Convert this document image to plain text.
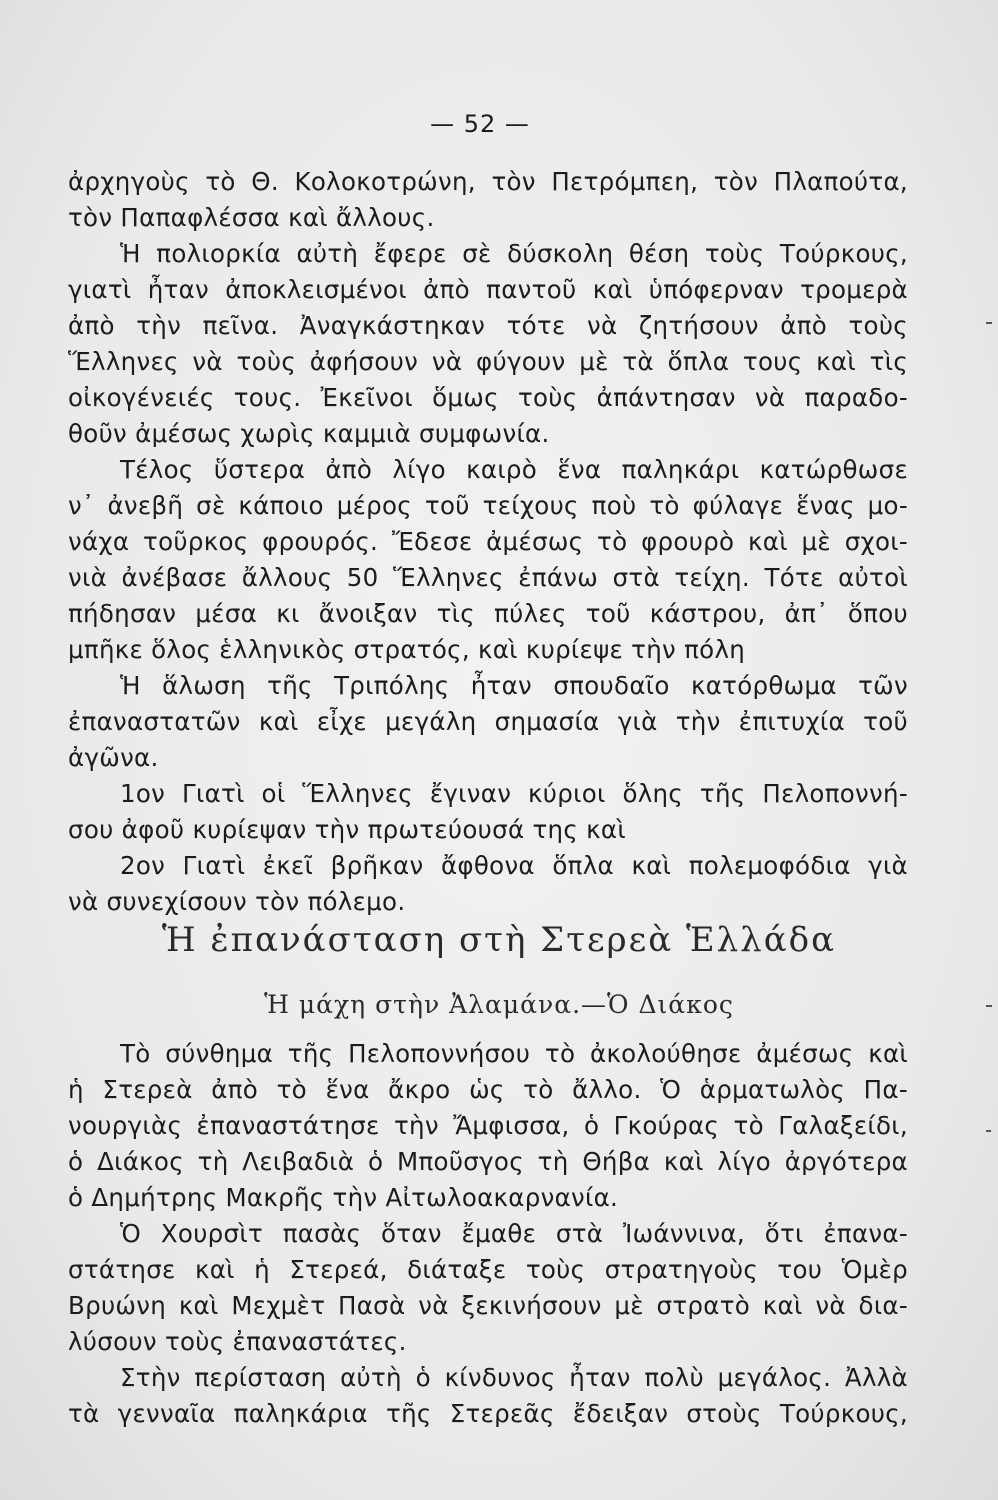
— 52 —
ἀρχηγοὺς τὸ Θ. Κολοκοτρώνη, τὸν Πετρόμπεη, τὸν Πλαπούτα,
τὸν Παπαφλέσσα καὶ ἄλλους.
Ἡ πολιορκία αὐτὴ ἔφερε σὲ δύσκολη θέση τοὺς Τούρκους,
γιατὶ ἦταν ἀποκλεισμένοι ἀπὸ παντοῦ καὶ ὑπόφερναν τρομερὰ
ἀπὸ τὴν πεῖνα. Ἀναγκάστηκαν τότε νὰ ζητήσουν ἀπὸ τοὺς
Ἕλληνες νὰ τοὺς ἀφήσουν νὰ φύγουν μὲ τὰ ὅπλα τους καὶ τὶς
οἰκογένειές τους. Ἐκεῖνοι ὅμως τοὺς ἀπάντησαν νὰ παραδο-
θοῦν ἀμέσως χωρὶς καμμιὰ συμφωνία.
Τέλος ὕστερα ἀπὸ λίγο καιρὸ ἕνα παληκάρι κατώρθωσε
ν᾿ ἀνεβῆ σὲ κάποιο μέρος τοῦ τείχους ποὺ τὸ φύλαγε ἕνας μο-
νάχα τοῦρκος φρουρός. Ἔδεσε ἀμέσως τὸ φρουρὸ καὶ μὲ σχοι-
νιὰ ἀνέβασε ἄλλους 50 Ἕλληνες ἐπάνω στὰ τείχη. Τότε αὐτοὶ
πήδησαν μέσα κι ἄνοιξαν τὶς πύλες τοῦ κάστρου, ἀπ᾿ ὅπου
μπῆκε ὅλος ἑλληνικὸς στρατός, καὶ κυρίεψε τὴν πόλη
Ἡ ἅλωση τῆς Τριπόλης ἦταν σπουδαῖο κατόρθωμα τῶν
ἐπαναστατῶν καὶ εἶχε μεγάλη σημασία γιὰ τὴν ἐπιτυχία τοῦ
ἀγῶνα.
1ον Γιατὶ οἱ Ἕλληνες ἔγιναν κύριοι ὅλης τῆς Πελοποννή-
σου ἀφοῦ κυρίεψαν τὴν πρωτεύουσά της καὶ
2ον Γιατὶ ἐκεῖ βρῆκαν ἄφθονα ὅπλα καὶ πολεμοφόδια γιὰ
νὰ συνεχίσουν τὸν πόλεμο.
Ἡ ἐπανάσταση στὴ Στερεὰ Ἑλλάδα
Ἡ μάχη στὴν Ἀλαμάνα.—Ὁ Διάκος
Τὸ σύνθημα τῆς Πελοποννήσου τὸ ἀκολούθησε ἀμέσως καὶ
ἡ Στερεὰ ἀπὸ τὸ ἕνα ἄκρο ὡς τὸ ἄλλο. Ὁ ἁρματωλὸς Πα-
νουργιὰς ἐπαναστάτησε τὴν Ἄμφισσα, ὁ Γκούρας τὸ Γαλαξείδι,
ὁ Διάκος τὴ Λειβαδιὰ ὁ Μποῦσγος τὴ Θήβα καὶ λίγο ἀργότερα
ὁ Δημήτρης Μακρῆς τὴν Αἰτωλοακαρνανία.
Ὁ Χουρσὶτ πασὰς ὅταν ἔμαθε στὰ Ἰωάννινα, ὅτι ἐπανα-
στάτησε καὶ ἡ Στερεά, διάταξε τοὺς στρατηγοὺς του Ὁμὲρ
Βρυώνη καὶ Μεχμὲτ Πασὰ νὰ ξεκινήσουν μὲ στρατὸ καὶ νὰ δια-
λύσουν τοὺς ἐπαναστάτες.
Στὴν περίσταση αὐτὴ ὁ κίνδυνος ἦταν πολὺ μεγάλος. Ἀλλὰ
τὰ γενναῖα παληκάρια τῆς Στερεᾶς ἔδειξαν στοὺς Τούρκους,
